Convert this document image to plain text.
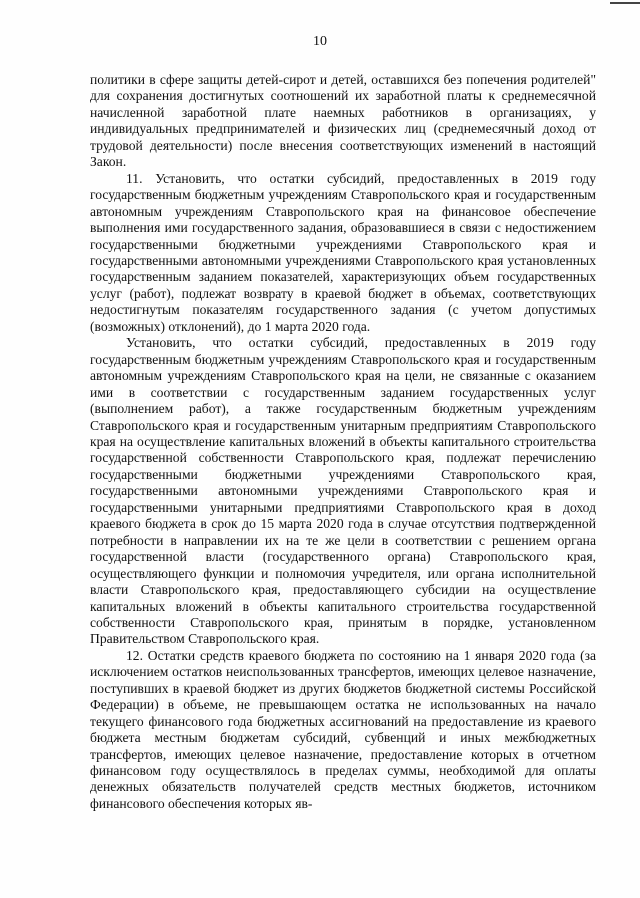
10

политики в сфере защиты детей-сирот и детей, оставшихся без попечения родителей" для сохранения достигнутых соотношений их заработной платы к среднемесячной начисленной заработной плате наемных работников в организациях, у индивидуальных предпринимателей и физических лиц (среднемесячный доход от трудовой деятельности) после внесения соответствующих изменений в настоящий Закон.

11. Установить, что остатки субсидий, предоставленных в 2019 году государственным бюджетным учреждениям Ставропольского края и государственным автономным учреждениям Ставропольского края на финансовое обеспечение выполнения ими государственного задания, образовавшиеся в связи с недостижением государственными бюджетными учреждениями Ставропольского края и государственными автономными учреждениями Ставропольского края установленных государственным заданием показателей, характеризующих объем государственных услуг (работ), подлежат возврату в краевой бюджет в объемах, соответствующих недостигнутым показателям государственного задания (с учетом допустимых (возможных) отклонений), до 1 марта 2020 года.

Установить, что остатки субсидий, предоставленных в 2019 году государственным бюджетным учреждениям Ставропольского края и государственным автономным учреждениям Ставропольского края на цели, не связанные с оказанием ими в соответствии с государственным заданием государственных услуг (выполнением работ), а также государственным бюджетным учреждениям Ставропольского края и государственным унитарным предприятиям Ставропольского края на осуществление капитальных вложений в объекты капитального строительства государственной собственности Ставропольского края, подлежат перечислению государственными бюджетными учреждениями Ставропольского края, государственными автономными учреждениями Ставропольского края и государственными унитарными предприятиями Ставропольского края в доход краевого бюджета в срок до 15 марта 2020 года в случае отсутствия подтвержденной потребности в направлении их на те же цели в соответствии с решением органа государственной власти (государственного органа) Ставропольского края, осуществляющего функции и полномочия учредителя, или органа исполнительной власти Ставропольского края, предоставляющего субсидии на осуществление капитальных вложений в объекты капитального строительства государственной собственности Ставропольского края, принятым в порядке, установленном Правительством Ставропольского края.

12. Остатки средств краевого бюджета по состоянию на 1 января 2020 года (за исключением остатков неиспользованных трансфертов, имеющих целевое назначение, поступивших в краевой бюджет из других бюджетов бюджетной системы Российской Федерации) в объеме, не превышающем остатка не использованных на начало текущего финансового года бюджетных ассигнований на предоставление из краевого бюджета местным бюджетам субсидий, субвенций и иных межбюджетных трансфертов, имеющих целевое назначение, предоставление которых в отчетном финансовом году осуществлялось в пределах суммы, необходимой для оплаты денежных обязательств получателей средств местных бюджетов, источником финансового обеспечения которых яв-
